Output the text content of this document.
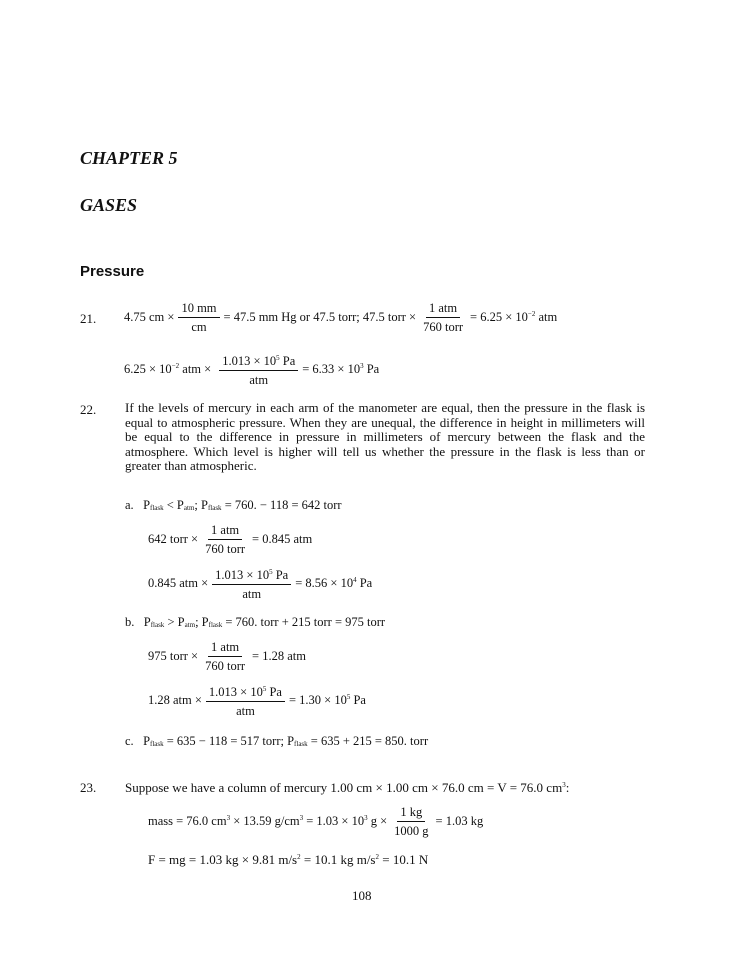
CHAPTER 5
GASES
Pressure
21. 4.75 cm × $\frac{10 mm}{cm} = 47.5$ mm Hg or 47.5 torr; 47.5 torr × $\frac{\text{1 atm}}{\text{760 torr}} = 6.25 \times 10^{-2}$ atm
$6.25 \times 10^{-2}$ atm × $\frac{1.013 \times 10^5 Pa}{\text{atm}} = 6.33 \times 10^3$ Pa
22. If the levels of mercury in each arm of the manometer are equal, then the pressure in the flask is equal to atmospheric pressure. When they are unequal, the difference in height in millimeters will be equal to the difference in pressure in millimeters of mercury between the flask and the atmosphere. Which level is higher will tell us whether the pressure in the flask is less than or greater than atmospheric.
a. $P_{flask} < P_{atm}$; $P_{flask} = 760$. − 118 = 642 torr
642 torr × $\frac{\text{1 atm}}{\text{760 torr}} = 0.845$ atm
0.845 atm × $\frac{1.013 \times 10^5 Pa}{\text{atm}} = 8.56 \times 10^4$ Pa
b. $P_{flask} > P_{atm}$; $P_{flask} = 760$. torr + 215 torr = 975 torr
975 torr × $\frac{\text{1 atm}}{\text{760 torr}} = 1.28$ atm
1.28 atm × $\frac{1.013 \times 10^5 Pa}{\text{atm}} = 1.30 \times 10^5$ Pa
c. $P_{flask} = 635 - 118 = 517$ torr; $P_{flask} = 635 + 215 = 850$. torr
23. Suppose we have a column of mercury 1.00 cm × 1.00 cm × 76.0 cm = V = 76.0 $cm^3$:
mass = 76.0 $cm^3 \times 13.59$ $g/cm^3 = 1.03 \times 10^3$ $g \times \frac{1 kg}{1000 g} = 1.03$ kg
F = mg = 1.03 kg × 9.81 $m/s^2 = 10.1$ kg $m/s^2 = 10.1$ N
108
